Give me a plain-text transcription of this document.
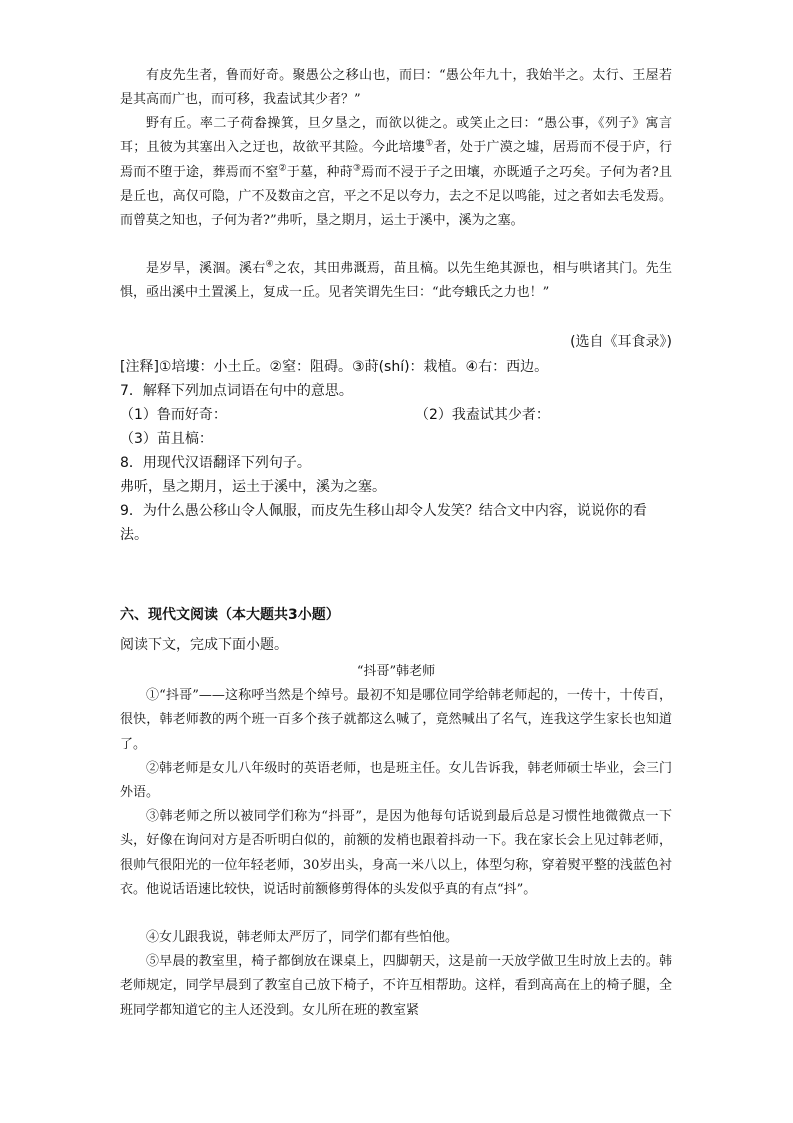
有皮先生者，鲁而好奇。聚愚公之移山也，而曰：“愚公年九十，我始半之。太行、王屋若是其高而广也，而可移，我盍试其少者？”

野有丘。率二子荷畚操箕，旦夕垦之，而欲以徙之。或笑止之曰：“愚公事，《列子》寓言耳；且彼为其塞出入之迂也，故欲平其险。今此培塿①者，处于广漠之墟，居焉而不侵于庐，行焉而不堕于途，葬焉而不窒②于墓，种莳③焉而不浸于子之田壤，亦既遁子之巧矣。子何为者?且是丘也，高仅可隐，广不及数亩之宫，平之不足以夸力，去之不足以鸣能，过之者如去毛发焉。而曾莫之知也，子何为者?”弗听，垦之期月，运土于溪中，溪为之塞。

是岁旱，溪涸。溪右④之农，其田弗溉焉，苗且槁。以先生绝其源也，相与哄诸其门。先生惧，亟出溪中土置溪上，复成一丘。见者笑谓先生曰：“此夸蛾氏之力也！”

(选自《耳食录》)

[注释]①培塿：小土丘。②窒：阻碍。③莳(shí)：栽植。④右：西边。

7．解释下列加点词语在句中的意思。

（1）鲁而好奇：	（2）我盍试其少者：

（3）苗且槁：

8．用现代汉语翻译下列句子。

弗听，垦之期月，运土于溪中，溪为之塞。

9．为什么愚公移山令人佩服，而皮先生移山却令人发笑？结合文中内容，说说你的看法。

六、现代文阅读（本大题共3小题）

阅读下文，完成下面小题。

“抖哥”韩老师

①“抖哥”——这称呼当然是个绰号。最初不知是哪位同学给韩老师起的，一传十，十传百，很快，韩老师教的两个班一百多个孩子就都这么喊了，竟然喊出了名气，连我这学生家长也知道了。

②韩老师是女儿八年级时的英语老师，也是班主任。女儿告诉我，韩老师硕士毕业，会三门外语。

③韩老师之所以被同学们称为“抖哥”，是因为他每句话说到最后总是习惯性地微微点一下头，好像在询问对方是否听明白似的，前额的发梢也跟着抖动一下。我在家长会上见过韩老师，很帅气很阳光的一位年轻老师，30岁出头，身高一米八以上，体型匀称，穿着熨平整的浅蓝色衬衣。他说话语速比较快，说话时前额修剪得体的头发似乎真的有点“抖”。

④女儿跟我说，韩老师太严厉了，同学们都有些怕他。

⑤早晨的教室里，椅子都倒放在课桌上，四脚朝天，这是前一天放学做卫生时放上去的。韩老师规定，同学早晨到了教室自己放下椅子，不许互相帮助。这样，看到高高在上的椅子腿，全班同学都知道它的主人还没到。女儿所在班的教室紧
